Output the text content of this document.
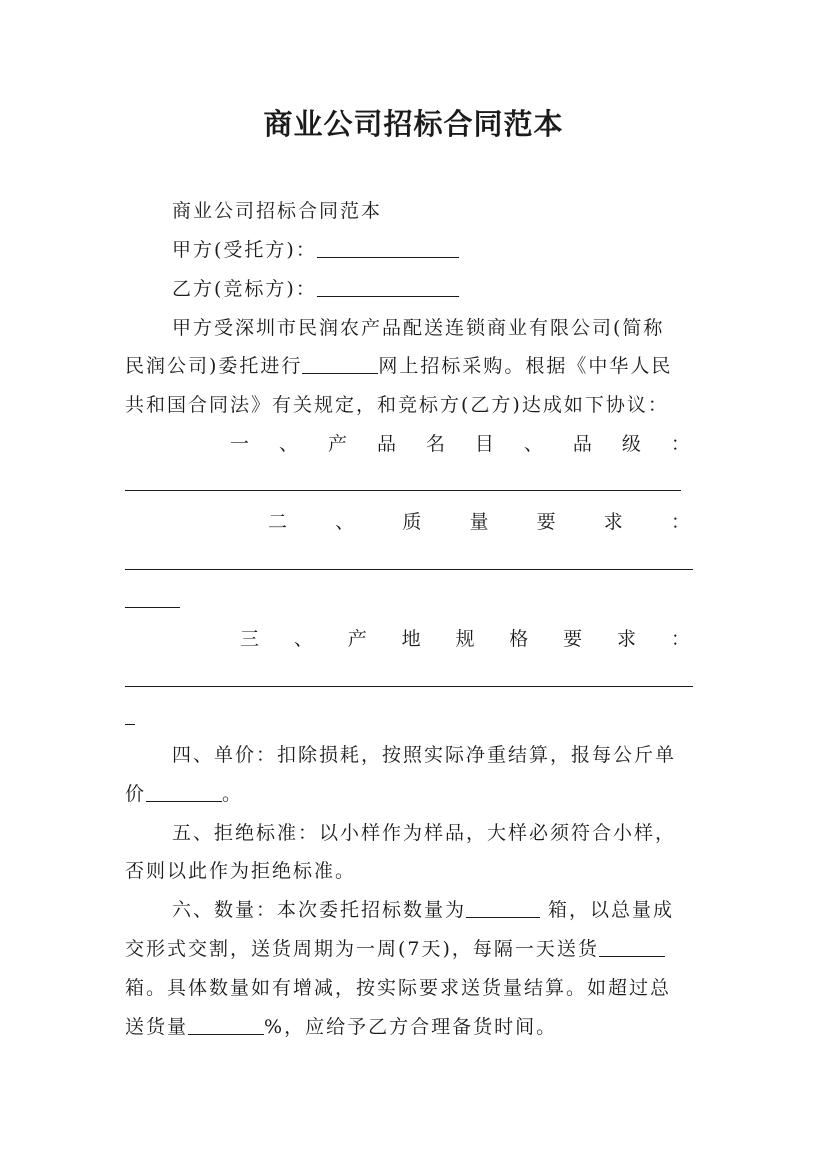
商业公司招标合同范本
商业公司招标合同范本
甲方(受托方)：
乙方(竞标方)：
甲方受深圳市民润农产品配送连锁商业有限公司(简称
民润公司)委托进行	网上招标采购。根据《中华人民
共和国合同法》有关规定，和竞标方(乙方)达成如下协议：
一 、 产 品 名 目 、 品 级 ：
二	、	质	量	要	求	：
三 、 产 地 规 格 要 求 ：
四、单价：扣除损耗，按照实际净重结算，报每公斤单
价	。
五、拒绝标准：以小样作为样品，大样必须符合小样，
否则以此作为拒绝标准。
六、数量：本次委托招标数量为	箱，以总量成
交形式交割，送货周期为一周(7天)，每隔一天送货
箱。具体数量如有增减，按实际要求送货量结算。如超过总
送货量	%，应给予乙方合理备货时间。
